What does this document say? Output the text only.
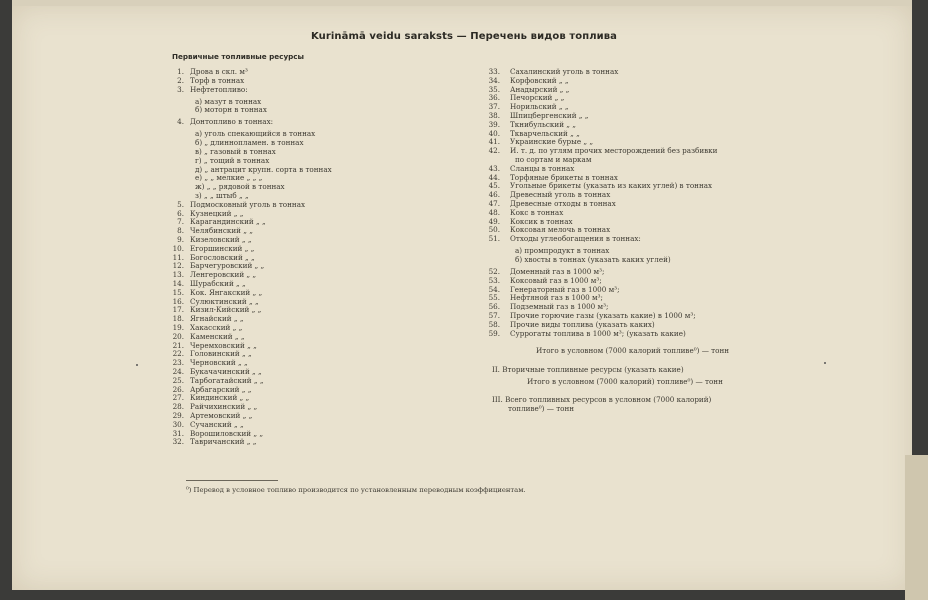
Kurināmā veidu saraksts — Перечень видов топлива
Первичные топливные ресурсы
1. Дрова в скл. м³
2. Торф в тоннах
3. Нефтетопливо:
а) мазут в тоннах
б) моторн в тоннах
4. Донтопливо в тоннах:
а) уголь спекающийся в тоннах
б) „ длиннопламен. в тоннах
в) „ газовый в тоннах
г) „ тощий в тоннах
д) „ антрацит крупн. сорта в тоннах
е) „ „ мелкие „ „ „
ж) „ „ рядовой в тоннах
з) „ „ штыб „ „
5. Подмосковный уголь в тоннах
6. Кузнецкий „ „
7. Карагандинский „ „
8. Челябинский „ „
9. Кизеловский „ „
10. Егоршинский „ „
11. Богословский „ „
12. Барчегуровский „ „
13. Ленгеровский „ „
14. Шурабский „ „
15. Кок. Янгакский „ „
16. Сулюктинский „ „
17. Кизил-Кийский „ „
18. Ягнайский „ „
19. Хакасский „ „
20. Каменский „ „
21. Черемховский „ „
22. Головинский „ „
23. Черновский „ „
24. Букачачинский „ „
25. Тарбогатайский „ „
26. Арбагарский „ „
27. Киндинский „ „
28. Райчихинский „ „
29. Артемовский „ „
30. Сучанский „ „
31. Ворошиловский „ „
32. Тавричанский „ „
33. Сахалинский уголь в тоннах
34. Корфовский „ „
35. Анадырский „ „
36. Печорский „ „
37. Норильский „ „
38. Шпицбергенский „ „
39. Ткнибульский „ „
40. Ткварчельский „ „
41. Украинские бурые „ „
42. И. т. д. по углям прочих месторождений без разбивки
по сортам и маркам
43. Сланцы в тоннах
44. Торфяные брикеты в тоннах
45. Угольные брикеты (указать из каких углей) в тоннах
46. Древесный уголь в тоннах
47. Древесные отходы в тоннах
48. Кокс в тоннах
49. Коксик в тоннах
50. Коксовая мелочь в тоннах
51. Отходы углеобогащения в тоннах:
а) промпродукт в тоннах
б) хвосты в тоннах (указать каких углей)
52. Доменный газ в 1000 м³;
53. Коксовый газ в 1000 м³;
54. Генераторный газ в 1000 м³;
55. Нефтяной газ в 1000 м³;
56. Подземный газ в 1000 м³;
57. Прочие горючие газы (указать какие) в 1000 м³;
58. Прочие виды топлива (указать каких)
59. Суррогаты топлива в 1000 м³; (указать какие)
Итого в условном (7000 калорий топливе⁰) — тонн
II. Вторичные топливные ресурсы (указать какие)
Итого в условном (7000 калорий) топливе⁰) — тонн
III. Всего топливных ресурсов в условном (7000 калорий)
топливе⁰) — тонн
⁰) Перевод в условное топливо производится по установленным переводным коэффициентам.
